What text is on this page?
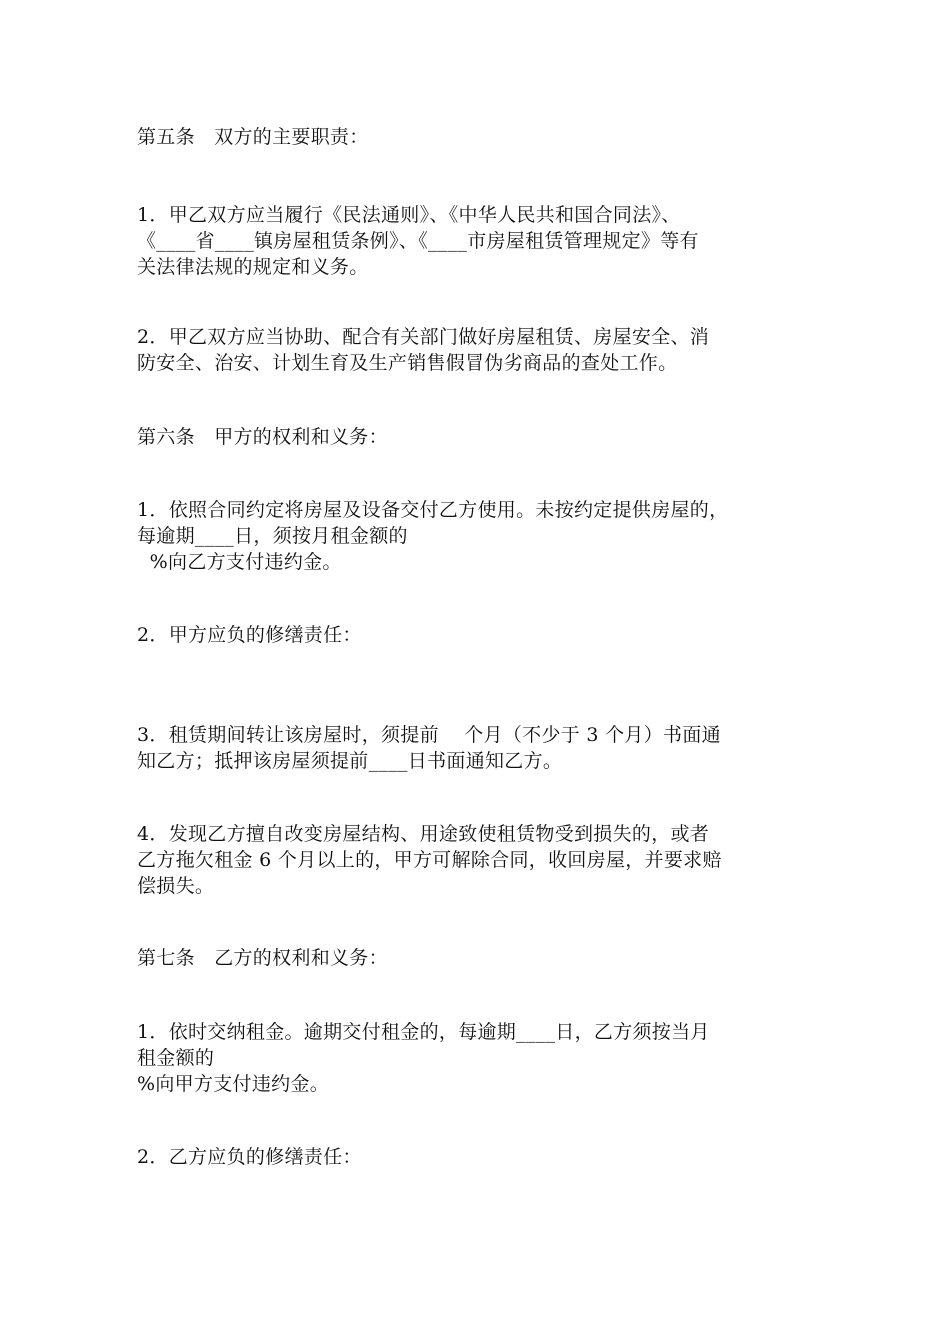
第五条　双方的主要职责：

1．甲乙双方应当履行《民法通则》、《中华人民共和国合同法》、
《____省____镇房屋租赁条例》、《____市房屋租赁管理规定》等有
关法律法规的规定和义务。

2．甲乙双方应当协助、配合有关部门做好房屋租赁、房屋安全、消
防安全、治安、计划生育及生产销售假冒伪劣商品的查处工作。

第六条　甲方的权利和义务：

1．依照合同约定将房屋及设备交付乙方使用。未按约定提供房屋的，
每逾期____日，须按月租金额的
%向乙方支付违约金。

2．甲方应负的修缮责任：

3．租赁期间转让该房屋时，须提前    个月（不少于 3 个月）书面通
知乙方；抵押该房屋须提前____日书面通知乙方。

4．发现乙方擅自改变房屋结构、用途致使租赁物受到损失的，或者
乙方拖欠租金 6 个月以上的，甲方可解除合同，收回房屋，并要求赔
偿损失。

第七条　乙方的权利和义务：

1．依时交纳租金。逾期交付租金的，每逾期____日，乙方须按当月
租金额的
%向甲方支付违约金。

2．乙方应负的修缮责任：
